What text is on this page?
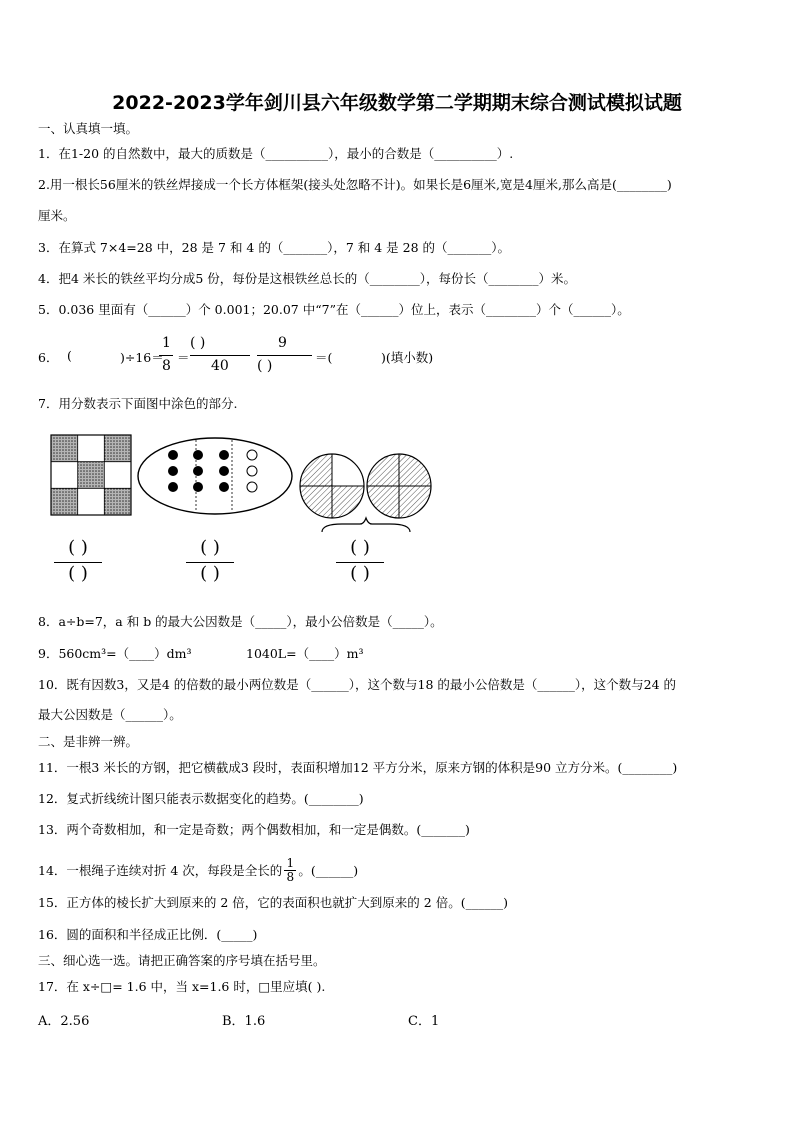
2022-2023学年剑川县六年级数学第二学期期末综合测试模拟试题
一、认真填一填。
1．在1-20 的自然数中，最大的质数是（__________），最小的合数是（__________）.
2.用一根长56厘米的铁丝焊接成一个长方体框架(接头处忽略不计)。如果长是6厘米,宽是4厘米,那么高是(________)
厘米。
3．在算式 7×4=28 中，28 是 7 和 4 的（_______），7 和 4 是 28 的（_______）。
4．把4 米长的铁丝平均分成5 份，每份是这根铁丝总长的（________），每份长（________）米。
5．0.036 里面有（______）个 0.001；20.07 中“7”在（______）位上，表示（________）个（______）。
6． (	)÷16＝
1
8
＝
( )
40
9
( )
＝(	)(填小数)
7．用分数表示下面图中涂色的部分.
( )
( )
( )
( )
( )
( )
8．a÷b=7，a 和 b 的最大公因数是（_____），最小公倍数是（_____）。
9．560cm³=（____）dm³	1040L=（____）m³
10．既有因数3，又是4 的倍数的最小两位数是（______），这个数与18 的最小公倍数是（______），这个数与24 的
最大公因数是（______）。
二、是非辨一辨。
11．一根3 米长的方钢，把它横截成3 段时，表面积增加12 平方分米，原来方钢的体积是90 立方分米。(________)
12．复式折线统计图只能表示数据变化的趋势。(________)
13．两个奇数相加，和一定是奇数；两个偶数相加，和一定是偶数。(_______)
14．一根绳子连续对折 4 次，每段是全长的 $\frac{1}{8}$ 。(______)
15．正方体的棱长扩大到原来的 2 倍，它的表面积也就扩大到原来的 2 倍。(______)
16．圆的面积和半径成正比例．(_____)
三、细心选一选。请把正确答案的序号填在括号里。
17．在 x÷□= 1.6 中，当 x=1.6 时，□里应填( ).
A．2.56	B．1.6	C．1
